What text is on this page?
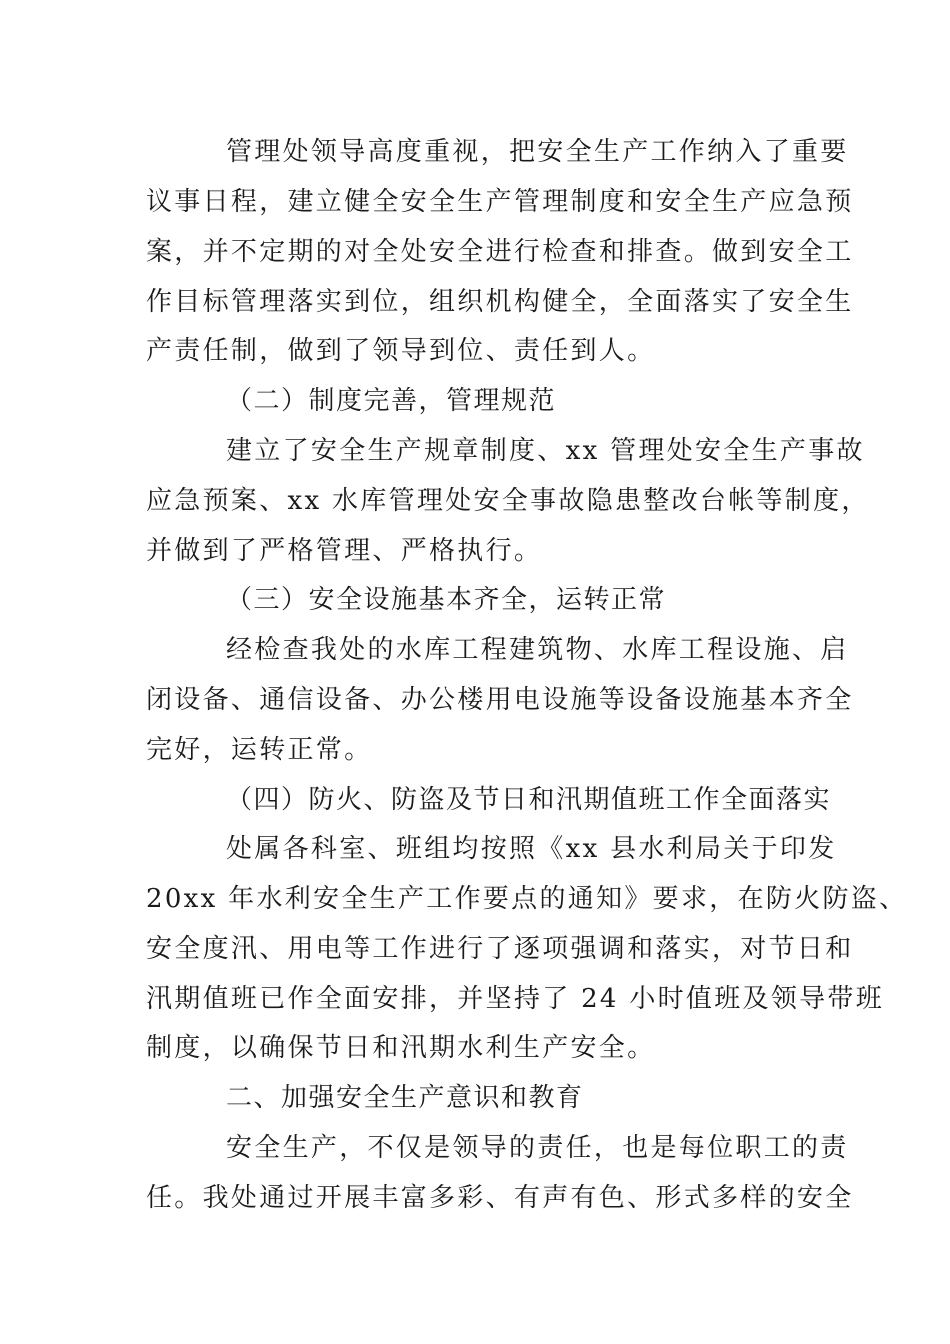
管理处领导高度重视，把安全生产工作纳入了重要
议事日程，建立健全安全生产管理制度和安全生产应急预
案，并不定期的对全处安全进行检查和排查。做到安全工
作目标管理落实到位，组织机构健全，全面落实了安全生
产责任制，做到了领导到位、责任到人。
（二）制度完善，管理规范
建立了安全生产规章制度、xx 管理处安全生产事故
应急预案、xx 水库管理处安全事故隐患整改台帐等制度，
并做到了严格管理、严格执行。
（三）安全设施基本齐全，运转正常
经检查我处的水库工程建筑物、水库工程设施、启
闭设备、通信设备、办公楼用电设施等设备设施基本齐全
完好，运转正常。
（四）防火、防盗及节日和汛期值班工作全面落实
处属各科室、班组均按照《xx 县水利局关于印发
20xx 年水利安全生产工作要点的通知》要求，在防火防盗、
安全度汛、用电等工作进行了逐项强调和落实，对节日和
汛期值班已作全面安排，并坚持了 24 小时值班及领导带班
制度，以确保节日和汛期水利生产安全。
二、加强安全生产意识和教育
安全生产，不仅是领导的责任，也是每位职工的责
任。我处通过开展丰富多彩、有声有色、形式多样的安全
